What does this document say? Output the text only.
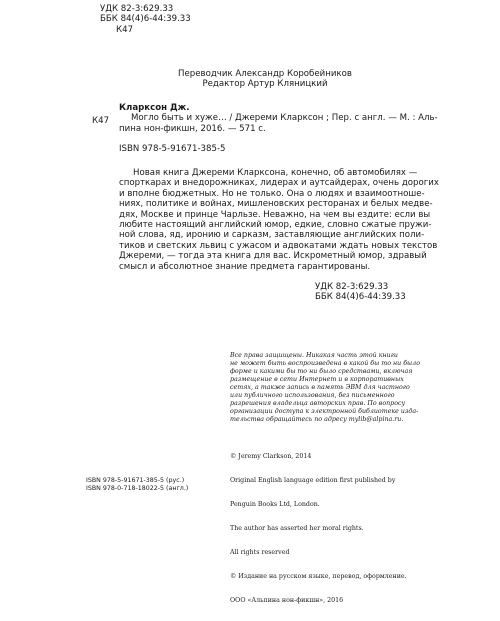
УДК 82-3:629.33
ББК 84(4)6-44:39.33
К47
Переводчик Александр Коробейников
Редактор Артур Кляницкий
К47
Кларксон Дж.
Могло быть и хуже… / Джереми Кларксон ; Пер. с англ. — М. : Аль-
пина нон-фикшн, 2016. — 571 с.
ISBN 978-5-91671-385-5
Новая книга Джереми Кларксона, конечно, об автомобилях —
спорткарах и внедорожниках, лидерах и аутсайдерах, очень дорогих
и вполне бюджетных. Но не только. Она о людях и взаимоотноше-
ниях, политике и войнах, мишленовских ресторанах и белых медве-
дях, Москве и принце Чарльзе. Неважно, на чем вы ездите: если вы
любите настоящий английский юмор, едкие, словно сжатые пружи-
ной слова, яд, иронию и сарказм, заставляющие английских поли-
тиков и светских львиц с ужасом и адвокатами ждать новых текстов
Джереми, — тогда эта книга для вас. Искрометный юмор, здравый
смысл и абсолютное знание предмета гарантированы.
УДК 82-3:629.33
ББК 84(4)6-44:39.33
Все права защищены. Никакая часть этой книги
не может быть воспроизведена в какой бы то ни было
форме и какими бы то ни было средствами, включая
размещение в сети Интернет и в корпоративных
сетях, а также запись в память ЭВМ для частного
или публичного использования, без письменного
разрешения владельца авторских прав. По вопросу
организации доступа к электронной библиотеке изда-
тельства обращайтесь по адресу mylib@alpina.ru.

© Jeremy Clarkson, 2014

Original English language edition first published by

Penguin Books Ltd, London.

The author has asserted her moral rights.

All rights reserved

© Издание на русском языке, перевод, оформление.

ООО «Альпина нон-фикшн», 2016

ISBN 978-5-91671-385-5 (рус.)
ISBN 978-0-718-18022-5 (англ.)
